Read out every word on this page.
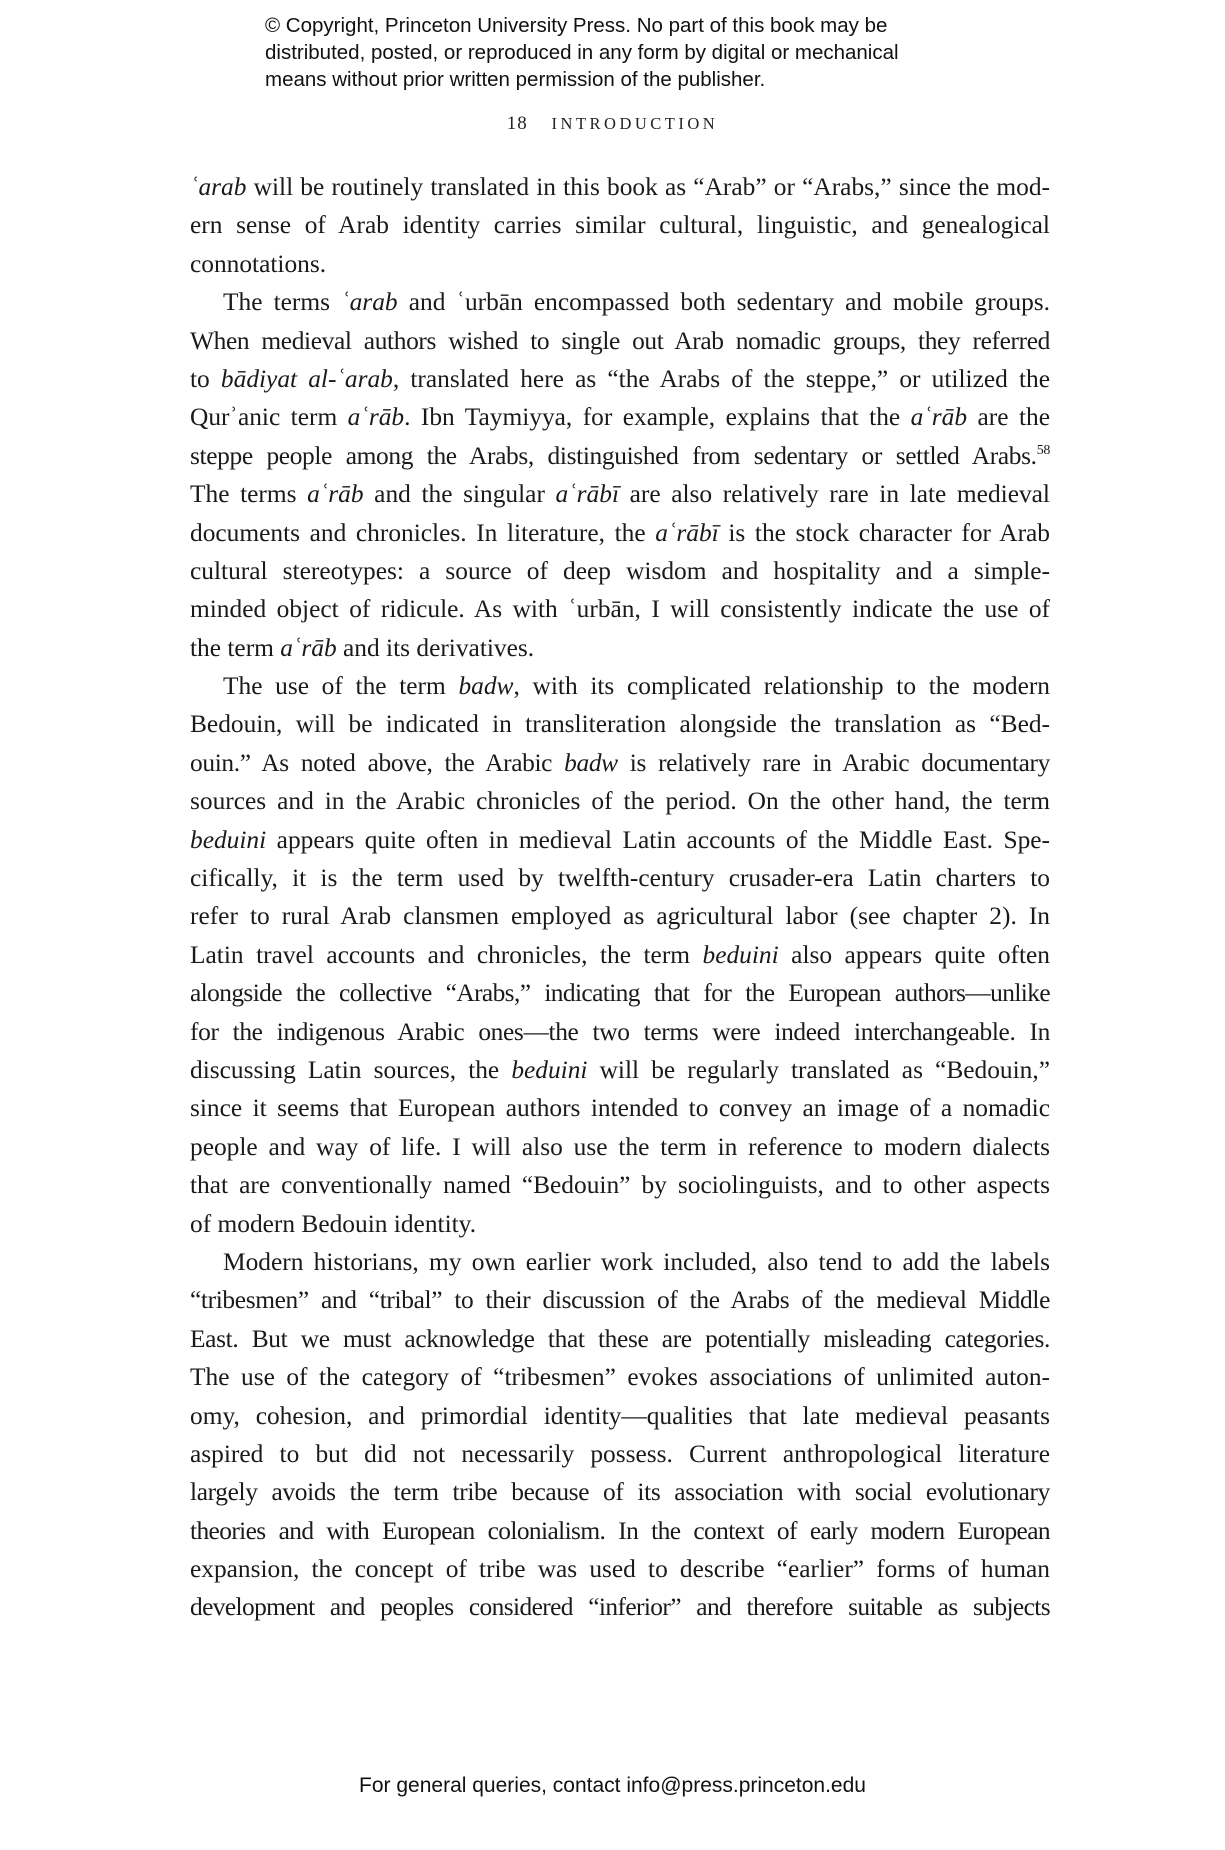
© Copyright, Princeton University Press. No part of this book may be
distributed, posted, or reproduced in any form by digital or mechanical
means without prior written permission of the publisher.
18 INTRODUCTION
ʿarab will be routinely translated in this book as “Arab” or “Arabs,” since the mod-
ern sense of Arab identity carries similar cultural, linguistic, and genealogical
connotations.
The terms ʿarab and ʿurbān encompassed both sedentary and mobile groups.
When medieval authors wished to single out Arab nomadic groups, they referred
to bādiyat al-ʿarab, translated here as “the Arabs of the steppe,” or utilized the
Qurʾanic term aʿrāb. Ibn Taymiyya, for example, explains that the aʿrāb are the
steppe people among the Arabs, distinguished from sedentary or settled Arabs.$^{58}$
The terms aʿrāb and the singular aʿrābī are also relatively rare in late medieval
documents and chronicles. In literature, the aʿrābī is the stock character for Arab
cultural stereotypes: a source of deep wisdom and hospitality and a simple-
minded object of ridicule. As with ʿurbān, I will consistently indicate the use of
the term aʿrāb and its derivatives.
The use of the term badw, with its complicated relationship to the modern
Bedouin, will be indicated in transliteration alongside the translation as “Bed-
ouin.” As noted above, the Arabic badw is relatively rare in Arabic documentary
sources and in the Arabic chronicles of the period. On the other hand, the term
beduini appears quite often in medieval Latin accounts of the Middle East. Spe-
cifically, it is the term used by twelfth-century crusader-era Latin charters to
refer to rural Arab clansmen employed as agricultural labor (see chapter 2). In
Latin travel accounts and chronicles, the term beduini also appears quite often
alongside the collective “Arabs,” indicating that for the European authors—unlike
for the indigenous Arabic ones—the two terms were indeed interchangeable. In
discussing Latin sources, the beduini will be regularly translated as “Bedouin,”
since it seems that European authors intended to convey an image of a nomadic
people and way of life. I will also use the term in reference to modern dialects
that are conventionally named “Bedouin” by sociolinguists, and to other aspects
of modern Bedouin identity.
Modern historians, my own earlier work included, also tend to add the labels
“tribesmen” and “tribal” to their discussion of the Arabs of the medieval Middle
East. But we must acknowledge that these are potentially misleading categories.
The use of the category of “tribesmen” evokes associations of unlimited auton-
omy, cohesion, and primordial identity—qualities that late medieval peasants
aspired to but did not necessarily possess. Current anthropological literature
largely avoids the term tribe because of its association with social evolutionary
theories and with European colonialism. In the context of early modern European
expansion, the concept of tribe was used to describe “earlier” forms of human
development and peoples considered “inferior” and therefore suitable as subjects
For general queries, contact info@press.princeton.edu
